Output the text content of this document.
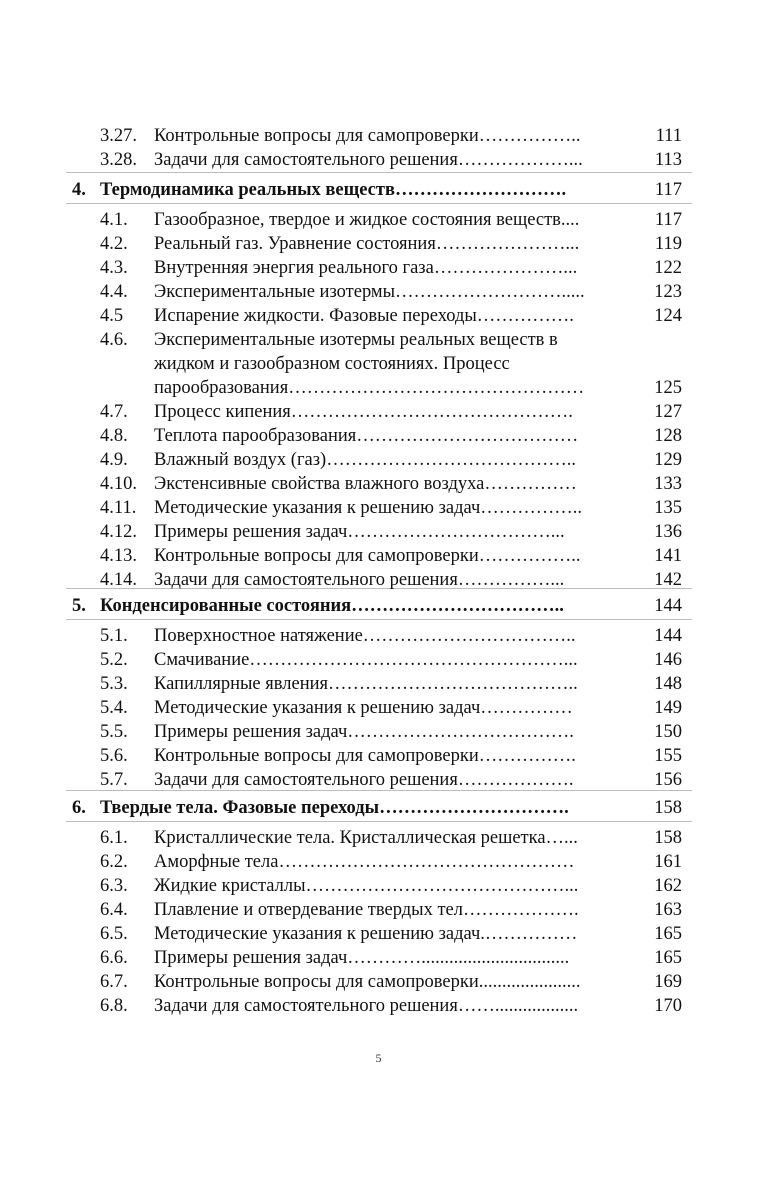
3.27. Контрольные вопросы для самопроверки……………..	111
3.28. Задачи для самостоятельного решения………………...	113
4. Термодинамика реальных веществ……………………….	117
4.1. Газообразное, твердое и жидкое состояния веществ....	117
4.2. Реальный газ. Уравнение состояния…………………...	119
4.3. Внутренняя энергия реального газа…………………...	122
4.4. Экспериментальные изотермы……………………….....	123
4.5 Испарение жидкости. Фазовые переходы…………….	124
4.6. Экспериментальные изотермы реальных веществ в
жидком и газообразном состояниях. Процесс
парообразования…………………………………………	125
4.7. Процесс кипения……………………………………….	127
4.8. Теплота парообразования………………………………	128
4.9. Влажный воздух (газ)…………………………………..	129
4.10. Экстенсивные свойства влажного воздуха……………	133
4.11. Методические указания к решению задач……………..	135
4.12. Примеры решения задач……………………………...	136
4.13. Контрольные вопросы для самопроверки……………..	141
4.14. Задачи для самостоятельного решения……………...	142
5. Конденсированные состояния……………………………..	144
5.1. Поверхностное натяжение……………………………..	144
5.2. Смачивание……………………………………………...	146
5.3. Капиллярные явления…………………………………..	148
5.4. Методические указания к решению задач……………	149
5.5. Примеры решения задач……………………………….	150
5.6. Контрольные вопросы для самопроверки…………….	155
5.7. Задачи для самостоятельного решения……………….	156
6. Твердые тела. Фазовые переходы………………………….	158
6.1. Кристаллические тела. Кристаллическая решетка…...	158
6.2. Аморфные тела…………………………………………	161
6.3. Жидкие кристаллы……………………………………...	162
6.4. Плавление и отвердевание твердых тел……………….	163
6.5. Методические указания к решению задач.……………	165
6.6. Примеры решения задач…………................................	165
6.7. Контрольные вопросы для самопроверки......................	169
6.8. Задачи для самостоятельного решения……..................	170
5
